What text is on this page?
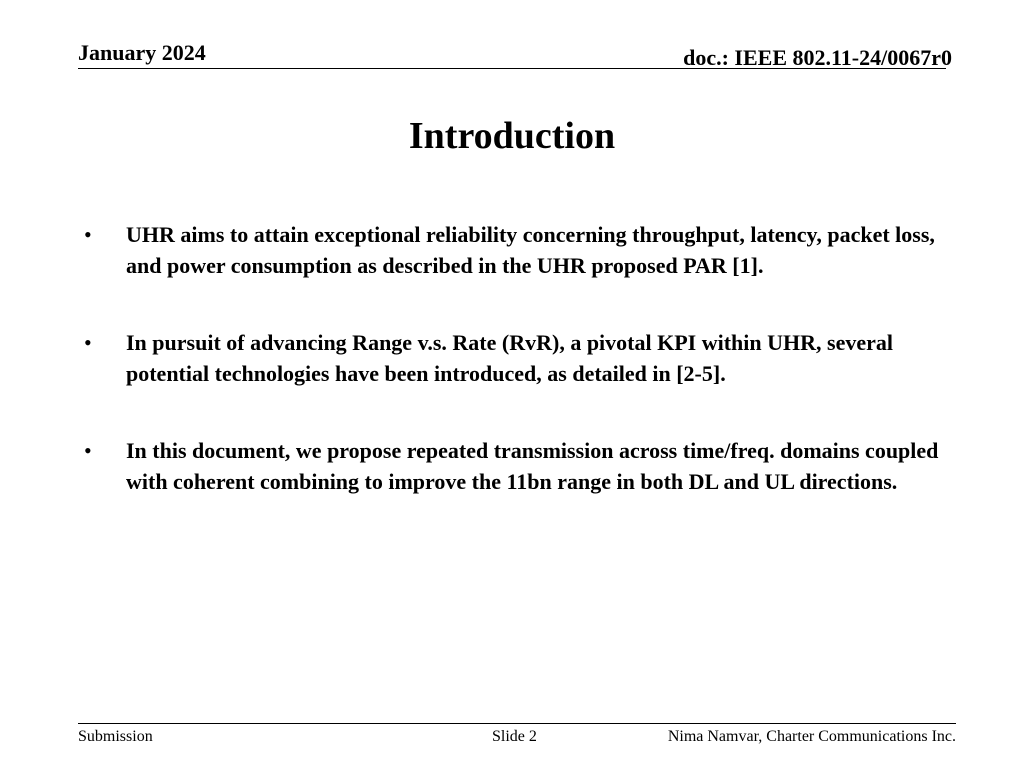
January 2024	doc.: IEEE 802.11-24/0067r0
Introduction
• UHR aims to attain exceptional reliability concerning throughput, latency, packet loss, and power consumption as described in the UHR proposed PAR [1].
• In pursuit of advancing Range v.s. Rate (RvR), a pivotal KPI within UHR, several potential technologies have been introduced, as detailed in [2-5].
• In this document, we propose repeated transmission across time/freq. domains coupled with coherent combining to improve the 11bn range in both DL and UL directions.
Submission	Slide 2	Nima Namvar, Charter Communications Inc.
